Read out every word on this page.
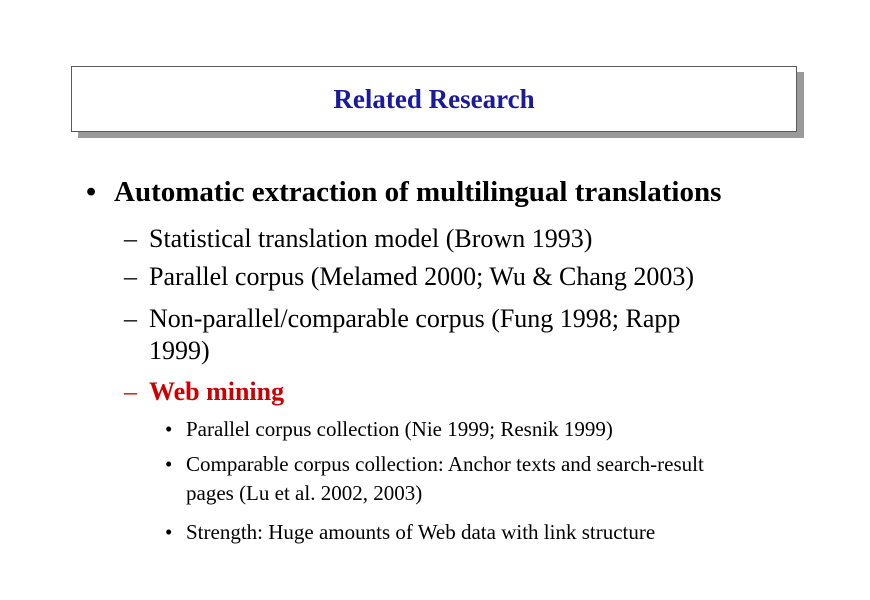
Related Research
• Automatic extraction of multilingual translations
– Statistical translation model (Brown 1993)
– Parallel corpus (Melamed 2000; Wu & Chang 2003)
– Non-parallel/comparable corpus (Fung 1998; Rapp
1999)
– Web mining
• Parallel corpus collection (Nie 1999; Resnik 1999)
• Comparable corpus collection: Anchor texts and search-result
pages (Lu et al. 2002, 2003)
• Strength: Huge amounts of Web data with link structure
